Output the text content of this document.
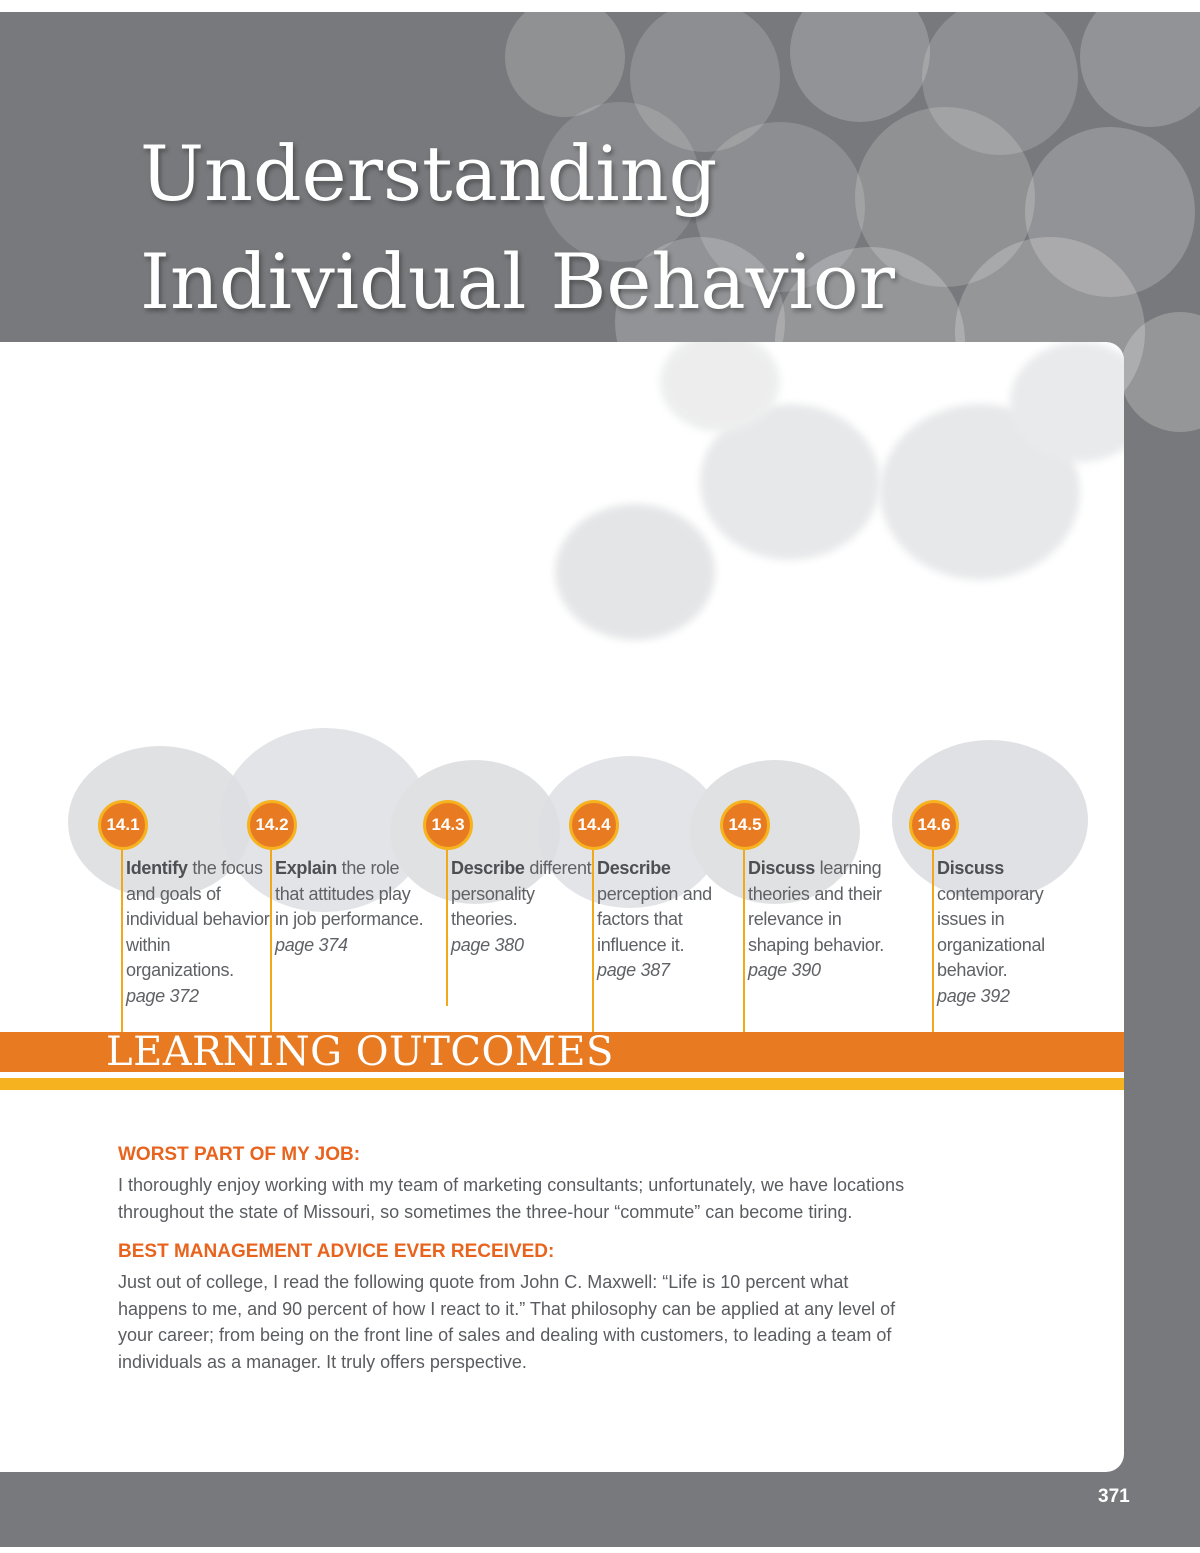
14.1
Identify the focus and goals of individual behavior within organizations.
page 372
14.2
Explain the role that attitudes play in job performance.
page 374
14.3
Describe different personality theories.
page 380
14.4
Describe perception and factors that influence it.
page 387
14.5
Discuss learning theories and their relevance in shaping behavior.
page 390
14.6
Discuss contemporary issues in organizational behavior.
page 392
LEARNING OUTCOMES
WORST PART OF MY JOB:

I thoroughly enjoy working with my team of marketing consultants; unfortunately, we have locations throughout the state of Missouri, so sometimes the three-hour “commute” can become tiring.

BEST MANAGEMENT ADVICE EVER RECEIVED:

Just out of college, I read the following quote from John C. Maxwell: “Life is 10 percent what happens to me, and 90 percent of how I react to it.” That philosophy can be applied at any level of your career; from being on the front line of sales and dealing with customers, to leading a team of individuals as a manager. It truly offers perspective.

Understanding
Individual Behavior
371
